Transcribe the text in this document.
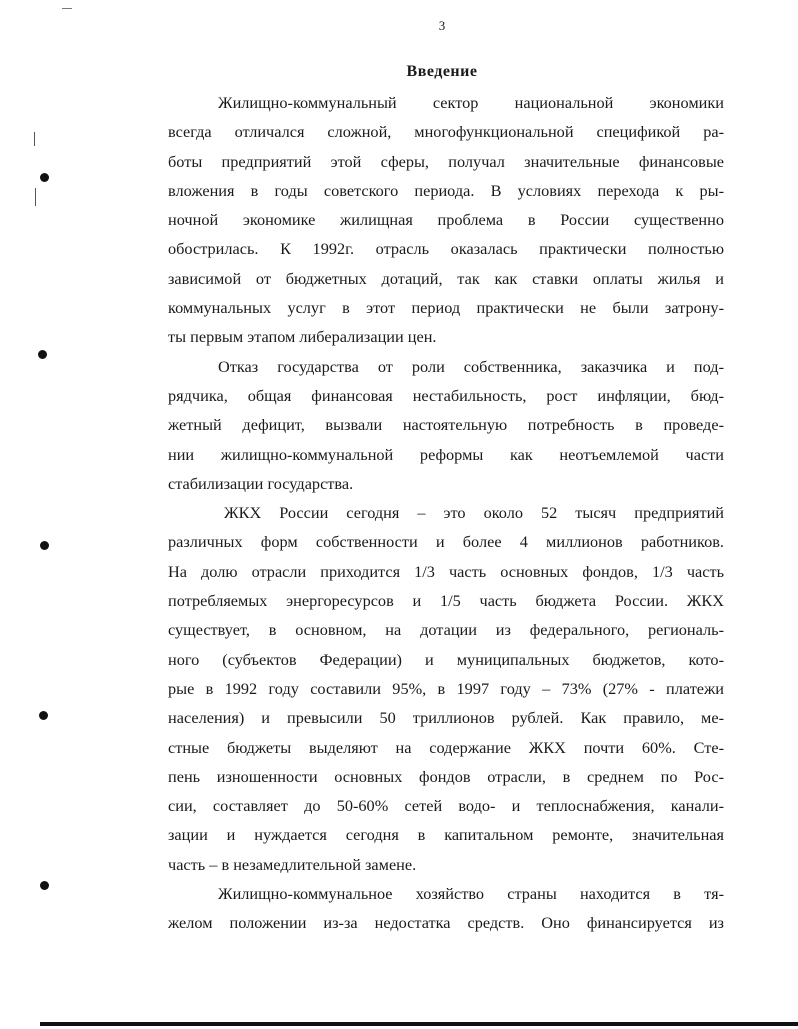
3
Введение
Жилищно-коммунальный сектор национальной экономики
всегда отличался сложной, многофункциональной спецификой ра-
боты предприятий этой сферы, получал значительные финансовые
вложения в годы советского периода. В условиях перехода к ры-
ночной экономике жилищная проблема в России существенно
обострилась. К 1992г. отрасль оказалась практически полностью
зависимой от бюджетных дотаций, так как ставки оплаты жилья и
коммунальных услуг в этот период практически не были затрону-
ты первым этапом либерализации цен.
Отказ государства от роли собственника, заказчика и под-
рядчика, общая финансовая нестабильность, рост инфляции, бюд-
жетный дефицит, вызвали настоятельную потребность в проведе-
нии жилищно-коммунальной реформы как неотъемлемой части
стабилизации государства.
ЖКХ России сегодня – это около 52 тысяч предприятий
различных форм собственности и более 4 миллионов работников.
На долю отрасли приходится 1/3 часть основных фондов, 1/3 часть
потребляемых энергоресурсов и 1/5 часть бюджета России. ЖКХ
существует, в основном, на дотации из федерального, региональ-
ного (субъектов Федерации) и муниципальных бюджетов, кото-
рые в 1992 году составили 95%, в 1997 году – 73% (27% - платежи
населения) и превысили 50 триллионов рублей. Как правило, ме-
стные бюджеты выделяют на содержание ЖКХ почти 60%. Сте-
пень изношенности основных фондов отрасли, в среднем по Рос-
сии, составляет до 50-60% сетей водо- и теплоснабжения, канали-
зации и нуждается сегодня в капитальном ремонте, значительная
часть – в незамедлительной замене.
Жилищно-коммунальное хозяйство страны находится в тя-
желом положении из-за недостатка средств. Оно финансируется из
